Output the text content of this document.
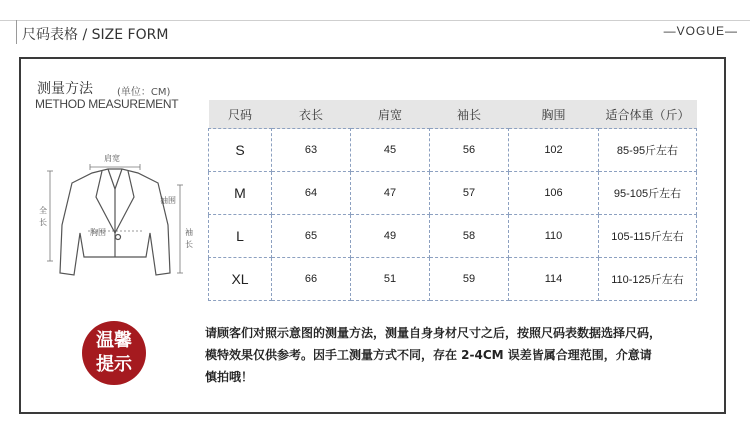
尺码表格 / SIZE FORM	—VOGUE—
测量方法 (单位：CM)
METHOD MEASUREMENT
肩宽
全
长
胸围
袖围
袖
长
尺码	衣长	肩宽	袖长	胸围	适合体重（斤）
S	63	45	56	102	85-95斤左右
M	64	47	57	106	95-105斤左右
L	65	49	58	110	105-115斤左右
XL	66	51	59	114	110-125斤左右
温馨
提示
请顾客们对照示意图的测量方法，测量自身身材尺寸之后，按照尺码表数据选择尺码，
模特效果仅供参考。因手工测量方式不同，存在 2-4CM 误差皆属合理范围，介意请
慎拍哦！
